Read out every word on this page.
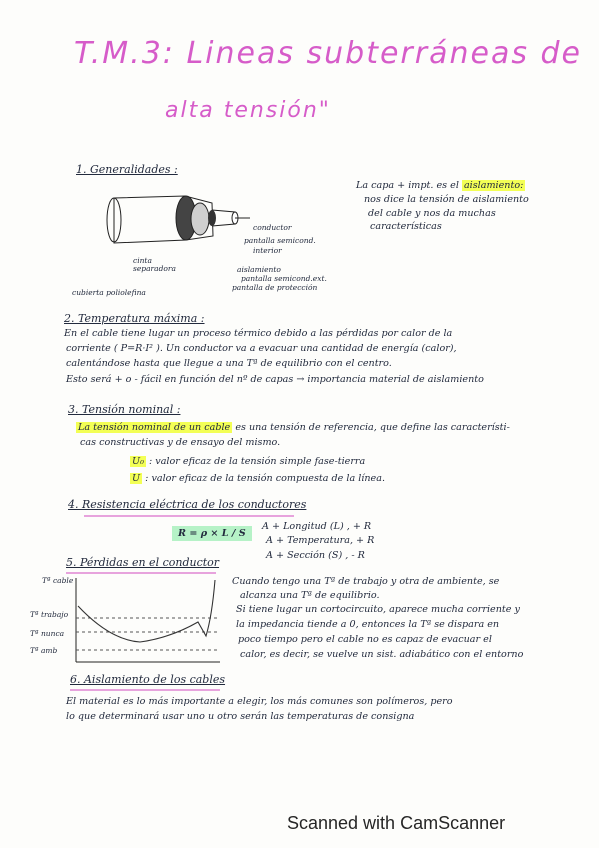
T.M.3: Lineas subterráneas de
alta tensión"
1. Generalidades :
conductor
pantalla semicond.
interior
cinta
separadora	aislamiento
pantalla semicond.ext.
pantalla de protección
cubierta poliolefina
La capa + impt. es el aislamiento:
nos dice la tensión de aislamiento
del cable y nos da muchas
características
2. Temperatura máxima :
En el cable tiene lugar un proceso térmico debido a las pérdidas por calor de la
corriente ( P=R·I² ). Un conductor va a evacuar una cantidad de energía (calor),
calentándose hasta que llegue a una Tª de equilibrio con el centro.
Esto será + o - fácil en función del nº de capas → importancia material de aislamiento
3. Tensión nominal :
La tensión nominal de un cable es una tensión de referencia, que define las característi-
cas constructivas y de ensayo del mismo.
U₀ : valor eficaz de la tensión simple fase-tierra
U : valor eficaz de la tensión compuesta de la línea.
4. Resistencia eléctrica de los conductores
R = ρ × L / S
A + Longitud (L) , + R
A + Temperatura, + R
A + Sección (S) , - R
5. Pérdidas en el conductor
Tª cable
Tª trabajo
Tª nunca
Tª amb
Cuando tengo una Tª de trabajo y otra de ambiente, se
alcanza una Tª de equilibrio.
Si tiene lugar un cortocircuito, aparece mucha corriente y
la impedancia tiende a 0, entonces la Tª se dispara en
poco tiempo pero el cable no es capaz de evacuar el
calor, es decir, se vuelve un sist. adiabático con el entorno
6. Aislamiento de los cables
El material es lo más importante a elegir, los más comunes son polímeros, pero
lo que determinará usar uno u otro serán las temperaturas de consigna
Scanned with CamScanner
